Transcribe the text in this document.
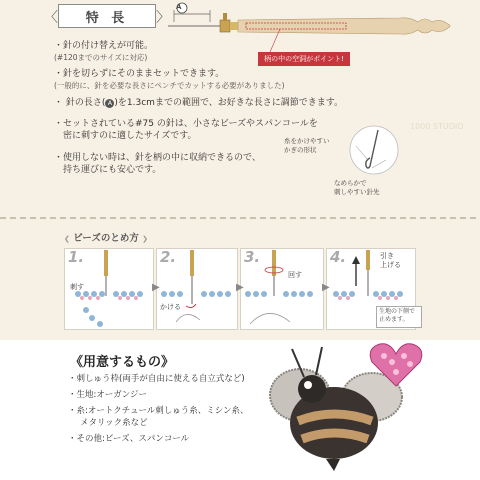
〈	特 長	〉
A
柄の中の空洞がポイント!
・ 針の付け替えが可能。
(#120までのサイズに対応)
・ 針を切らずにそのままセットできます。
(一般的に、針を必要な長さにペンチでカットする必要がありました)
・ 針の長さ( A )を1.3cmまでの範囲で、お好きな長さに調節できます。
・ セットされている#75 の針は、小さなビーズやスパンコールを
密に刺すのに適したサイズです。
・ 使用しない時は、針を柄の中に収納できるので、
持ち運びにも安心です。
糸をかけやすい
かぎの形状
なめらかで
刺しやすい針先
1000 STUDIO
❮ ビーズのとめ方 ❯
1.	2.	3.	4.
▶	▶	▶
刺す
かける
回す
引き
上げる
生地の下側で
止めます。
《用意するもの》
・刺しゅう枠(両手が自由に使える自立式など)
・生地:オーガンジー
・糸:オートクチュール刺しゅう糸、ミシン糸、
メタリック糸など
・その他:ビーズ、スパンコール
